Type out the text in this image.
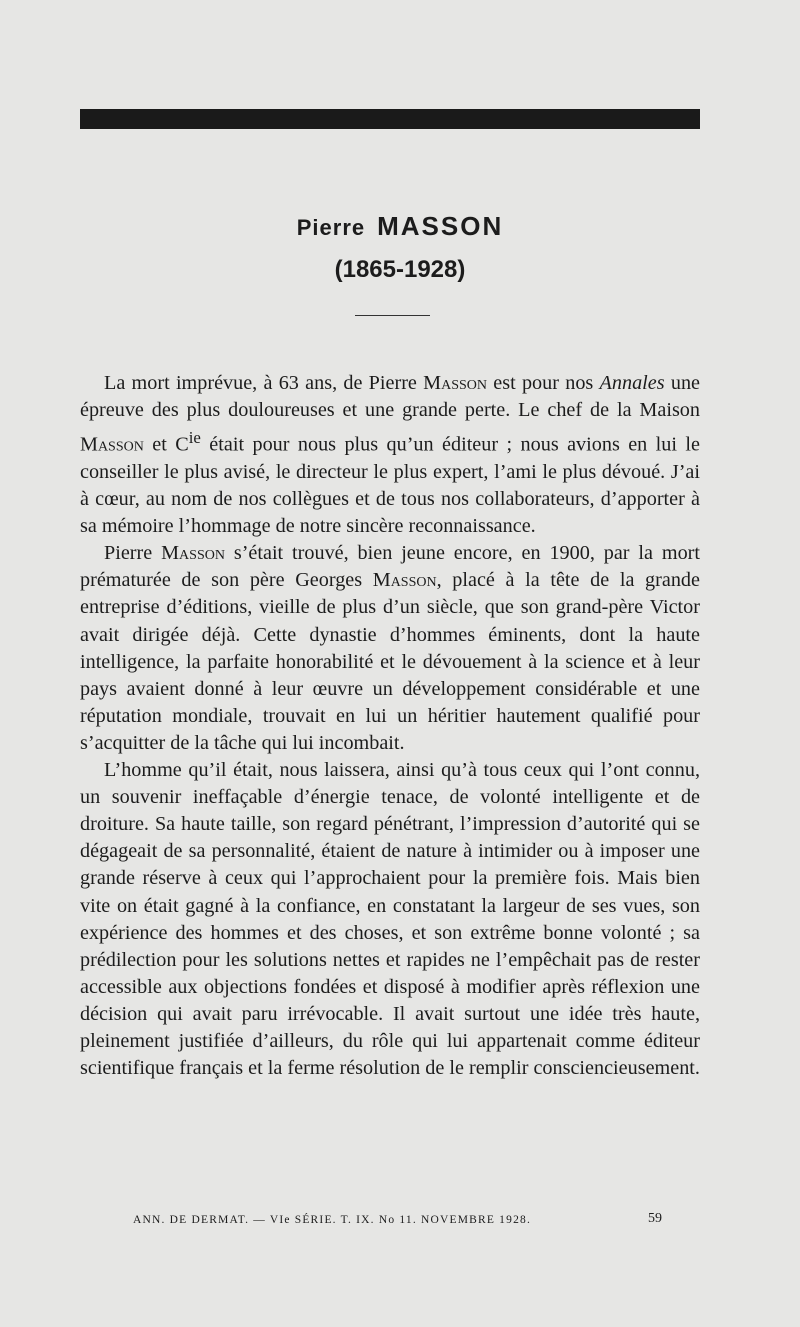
Pierre MASSON
(1865-1928)

La mort imprévue, à 63 ans, de Pierre Masson est pour nos Annales une épreuve des plus douloureuses et une grande perte. Le chef de la Maison Masson et $C^{ie}$ était pour nous plus qu’un éditeur ; nous avions en lui le conseiller le plus avisé, le directeur le plus expert, l’ami le plus dévoué. J’ai à cœur, au nom de nos collègues et de tous nos collaborateurs, d’apporter à sa mémoire l’hommage de notre sincère reconnaissance.

Pierre Masson s’était trouvé, bien jeune encore, en 1900, par la mort prématurée de son père Georges Masson, placé à la tête de la grande entreprise d’éditions, vieille de plus d’un siècle, que son grand-père Victor avait dirigée déjà. Cette dynastie d’hommes éminents, dont la haute intelligence, la parfaite honorabilité et le dévouement à la science et à leur pays avaient donné à leur œuvre un développement considérable et une réputation mondiale, trouvait en lui un héritier hautement qualifié pour s’acquitter de la tâche qui lui incombait.

L’homme qu’il était, nous laissera, ainsi qu’à tous ceux qui l’ont connu, un souvenir ineffaçable d’énergie tenace, de volonté intelligente et de droiture. Sa haute taille, son regard pénétrant, l’impression d’autorité qui se dégageait de sa personnalité, étaient de nature à intimider ou à imposer une grande réserve à ceux qui l’approchaient pour la première fois. Mais bien vite on était gagné à la confiance, en constatant la largeur de ses vues, son expérience des hommes et des choses, et son extrême bonne volonté ; sa prédilection pour les solutions nettes et rapides ne l’empêchait pas de rester accessible aux objections fondées et disposé à modifier après réflexion une décision qui avait paru irrévocable. Il avait surtout une idée très haute, pleinement justifiée d’ailleurs, du rôle qui lui appartenait comme éditeur scientifique français et la ferme résolution de le remplir consciencieusement.

ANN. DE DERMAT. — VIe SÉRIE. T. IX. No 11. NOVEMBRE 1928.	59
